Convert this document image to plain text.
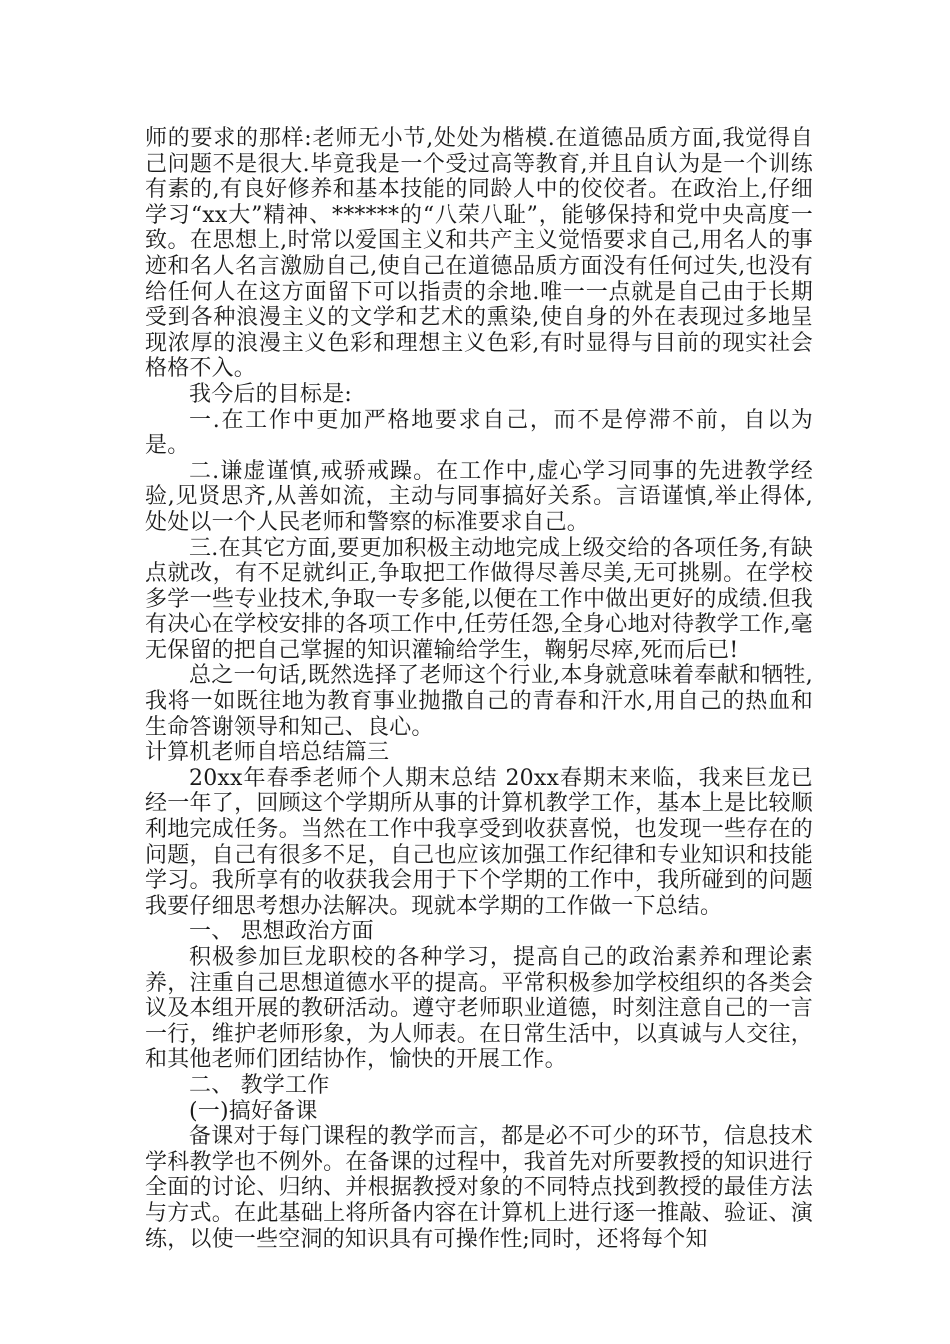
师的要求的那样:老师无小节,处处为楷模.在道德品质方面,我觉得自己问题不是很大.毕竟我是一个受过高等教育,并且自认为是一个训练有素的,有良好修养和基本技能的同龄人中的佼佼者。在政治上,仔细学习“xx大”精神、******的“八荣八耻”，能够保持和党中央高度一致。在思想上,时常以爱国主义和共产主义觉悟要求自己,用名人的事迹和名人名言激励自己,使自己在道德品质方面没有任何过失,也没有给任何人在这方面留下可以指责的余地.唯一一点就是自己由于长期受到各种浪漫主义的文学和艺术的熏染,使自身的外在表现过多地呈现浓厚的浪漫主义色彩和理想主义色彩,有时显得与目前的现实社会格格不入。

我今后的目标是:

一.在工作中更加严格地要求自己，而不是停滞不前，自以为是。

二.谦虚谨慎,戒骄戒躁。在工作中,虚心学习同事的先进教学经验,见贤思齐,从善如流，主动与同事搞好关系。言语谨慎,举止得体,处处以一个人民老师和警察的标准要求自己。

三.在其它方面,要更加积极主动地完成上级交给的各项任务,有缺点就改，有不足就纠正,争取把工作做得尽善尽美,无可挑剔。在学校多学一些专业技术,争取一专多能,以便在工作中做出更好的成绩.但我有决心在学校安排的各项工作中,任劳任怨,全身心地对待教学工作,毫无保留的把自己掌握的知识灌输给学生，鞠躬尽瘁,死而后已!

总之一句话,既然选择了老师这个行业,本身就意味着奉献和牺牲,我将一如既往地为教育事业抛撒自己的青春和汗水,用自己的热血和生命答谢领导和知己、良心。

计算机老师自培总结篇三

20xx年春季老师个人期末总结 20xx春期末来临，我来巨龙已经一年了，回顾这个学期所从事的计算机教学工作，基本上是比较顺利地完成任务。当然在工作中我享受到收获喜悦，也发现一些存在的问题，自己有很多不足，自己也应该加强工作纪律和专业知识和技能学习。我所享有的收获我会用于下个学期的工作中，我所碰到的问题我要仔细思考想办法解决。现就本学期的工作做一下总结。

一、 思想政治方面

积极参加巨龙职校的各种学习，提高自己的政治素养和理论素养，注重自己思想道德水平的提高。平常积极参加学校组织的各类会议及本组开展的教研活动。遵守老师职业道德，时刻注意自己的一言一行，维护老师形象，为人师表。在日常生活中，以真诚与人交往，和其他老师们团结协作，愉快的开展工作。

二、 教学工作

(一)搞好备课

备课对于每门课程的教学而言，都是必不可少的环节，信息技术学科教学也不例外。在备课的过程中，我首先对所要教授的知识进行全面的讨论、归纳、并根据教授对象的不同特点找到教授的最佳方法与方式。在此基础上将所备内容在计算机上进行逐一推敲、验证、演练，以使一些空洞的知识具有可操作性;同时，还将每个知
